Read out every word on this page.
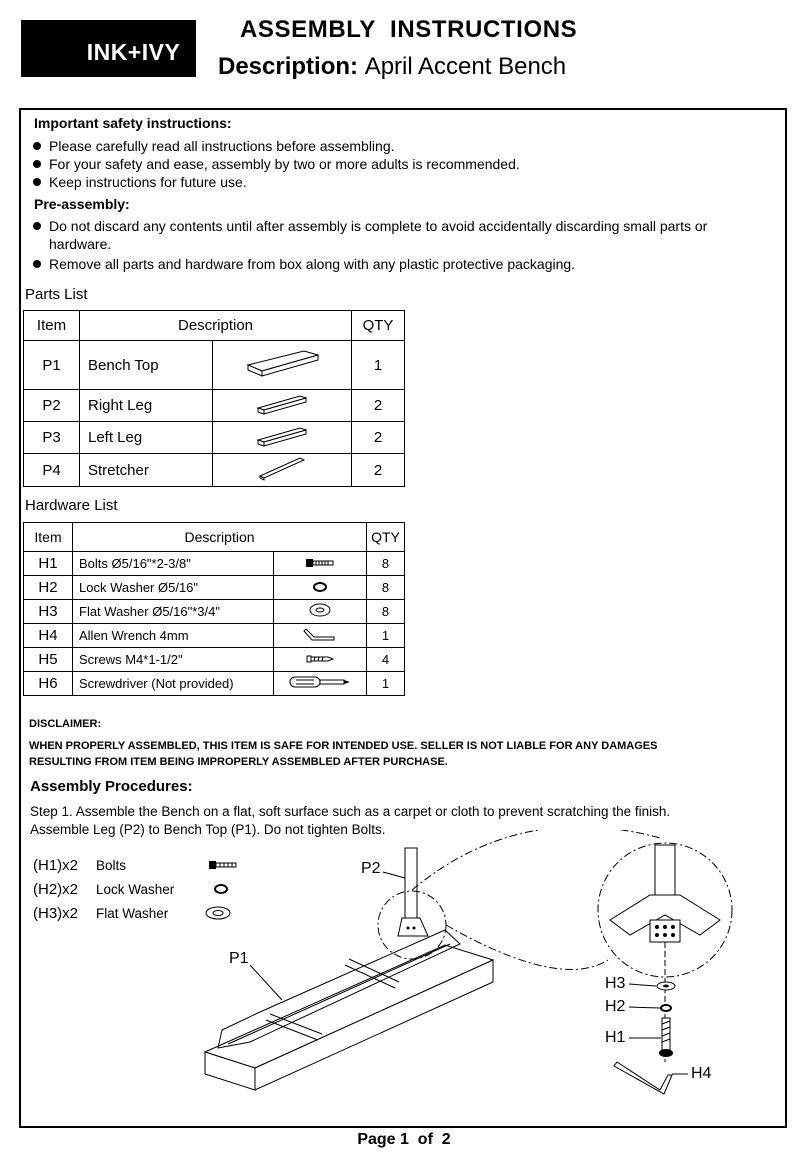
INK+IVY
ASSEMBLY  INSTRUCTIONS
Description: April Accent Bench
Important safety instructions:
Please carefully read all instructions before assembling.
For your safety and ease, assembly by two or more adults is recommended.
Keep instructions for future use.
Pre-assembly:
Do not discard any contents until after assembly is complete to avoid accidentally discarding small parts or hardware.
Remove all parts and hardware from box along with any plastic protective packaging.
Parts List
Item	Description		QTY
P1	Bench Top		1
P2	Right Leg		2
P3	Left Leg		2
P4	Stretcher		2
Hardware List
Item	Description		QTY
H1	Bolts Ø5/16"*2-3/8"		8
H2	Lock Washer Ø5/16"		8
H3	Flat Washer Ø5/16"*3/4"		8
H4	Allen Wrench 4mm		1
H5	Screws M4*1-1/2"		4
H6	Screwdriver (Not provided)		1
DISCLAIMER:
WHEN PROPERLY ASSEMBLED, THIS ITEM IS SAFE FOR INTENDED USE. SELLER IS NOT LIABLE FOR ANY DAMAGES
RESULTING FROM ITEM BEING IMPROPERLY ASSEMBLED AFTER PURCHASE.
Assembly Procedures:
Step 1. Assemble the Bench on a flat, soft surface such as a carpet or cloth to prevent scratching the finish.
Assemble Leg (P2) to Bench Top (P1). Do not tighten Bolts.
(H1)x2	Bolts
(H2)x2	Lock Washer
(H3)x2	Flat Washer
P2
P1
H3
H2
H1
H4
Page 1  of  2
